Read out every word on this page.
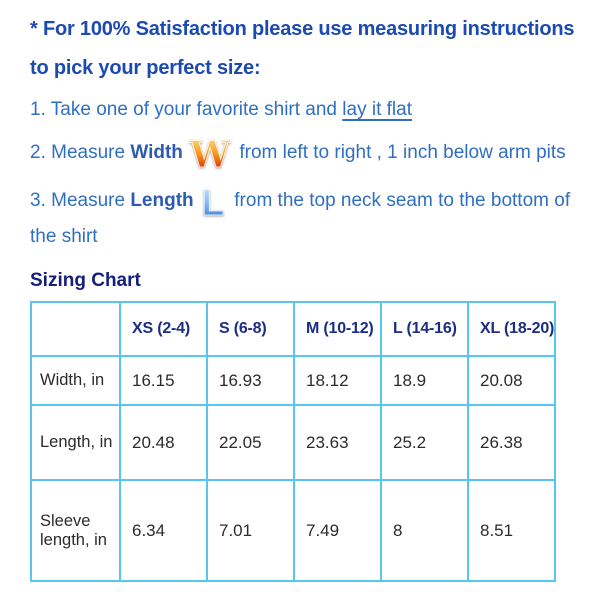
* For 100% Satisfaction please use measuring instructions
to pick your perfect size:

1. Take one of your favorite shirt and lay it flat

2. Measure Width W from left to right , 1 inch below arm pits

3. Measure Length L from the top neck seam to the bottom of
the shirt

Sizing Chart
	XS (2-4)	S (6-8)	M (10-12)	L (14-16)	XL (18-20)
Width, in	16.15	16.93	18.12	18.9	20.08
Length, in	20.48	22.05	23.63	25.2	26.38
Sleeve length, in	6.34	7.01	7.49	8	8.51
